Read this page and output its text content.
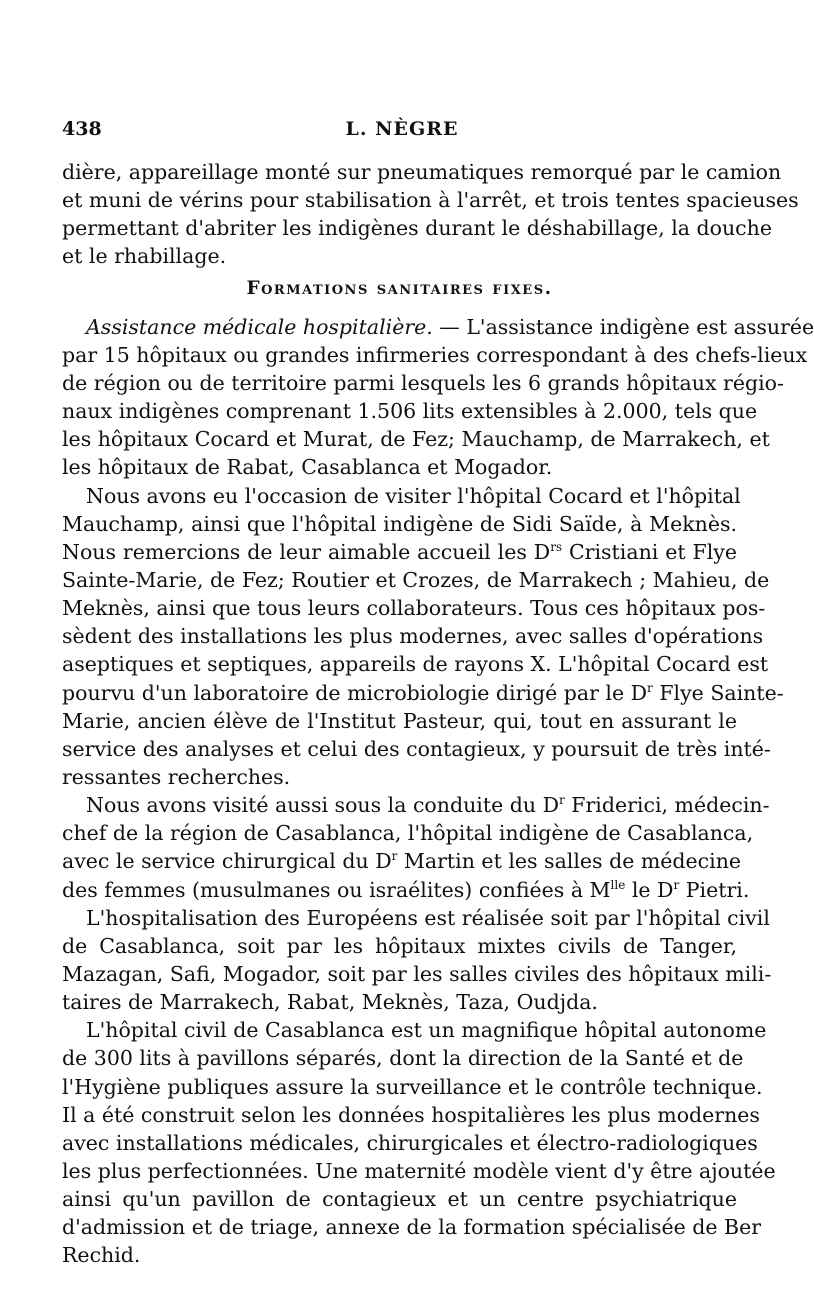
438	L. NÈGRE
dière, appareillage monté sur pneumatiques remorqué par le camion
et muni de vérins pour stabilisation à l'arrêt, et trois tentes spacieuses
permettant d'abriter les indigènes durant le déshabillage, la douche
et le rhabillage.
Formations sanitaires fixes.
Assistance médicale hospitalière. — L'assistance indigène est assurée
par 15 hôpitaux ou grandes infirmeries correspondant à des chefs-lieux
de région ou de territoire parmi lesquels les 6 grands hôpitaux régio-
naux indigènes comprenant 1.506 lits extensibles à 2.000, tels que
les hôpitaux Cocard et Murat, de Fez; Mauchamp, de Marrakech, et
les hôpitaux de Rabat, Casablanca et Mogador.
Nous avons eu l'occasion de visiter l'hôpital Cocard et l'hôpital
Mauchamp, ainsi que l'hôpital indigène de Sidi Saïde, à Meknès.
Nous remercions de leur aimable accueil les $D^{rs}$ Cristiani et Flye
Sainte-Marie, de Fez; Routier et Crozes, de Marrakech ; Mahieu, de
Meknès, ainsi que tous leurs collaborateurs. Tous ces hôpitaux pos-
sèdent des installations les plus modernes, avec salles d'opérations
aseptiques et septiques, appareils de rayons X. L'hôpital Cocard est
pourvu d'un laboratoire de microbiologie dirigé par le $D^r$ Flye Sainte-
Marie, ancien élève de l'Institut Pasteur, qui, tout en assurant le
service des analyses et celui des contagieux, y poursuit de très inté-
ressantes recherches.
Nous avons visité aussi sous la conduite du $D^r$ Friderici, médecin-
chef de la région de Casablanca, l'hôpital indigène de Casablanca,
avec le service chirurgical du $D^r$ Martin et les salles de médecine
des femmes (musulmanes ou israélites) confiées à $M^{lle}$ le $D^r$ Pietri.
L'hospitalisation des Européens est réalisée soit par l'hôpital civil
de Casablanca, soit par les hôpitaux mixtes civils de Tanger,
Mazagan, Safi, Mogador, soit par les salles civiles des hôpitaux mili-
taires de Marrakech, Rabat, Meknès, Taza, Oudjda.
L'hôpital civil de Casablanca est un magnifique hôpital autonome
de 300 lits à pavillons séparés, dont la direction de la Santé et de
l'Hygiène publiques assure la surveillance et le contrôle technique.
Il a été construit selon les données hospitalières les plus modernes
avec installations médicales, chirurgicales et électro-radiologiques
les plus perfectionnées. Une maternité modèle vient d'y être ajoutée
ainsi qu'un pavillon de contagieux et un centre psychiatrique
d'admission et de triage, annexe de la formation spécialisée de Ber
Rechid.
